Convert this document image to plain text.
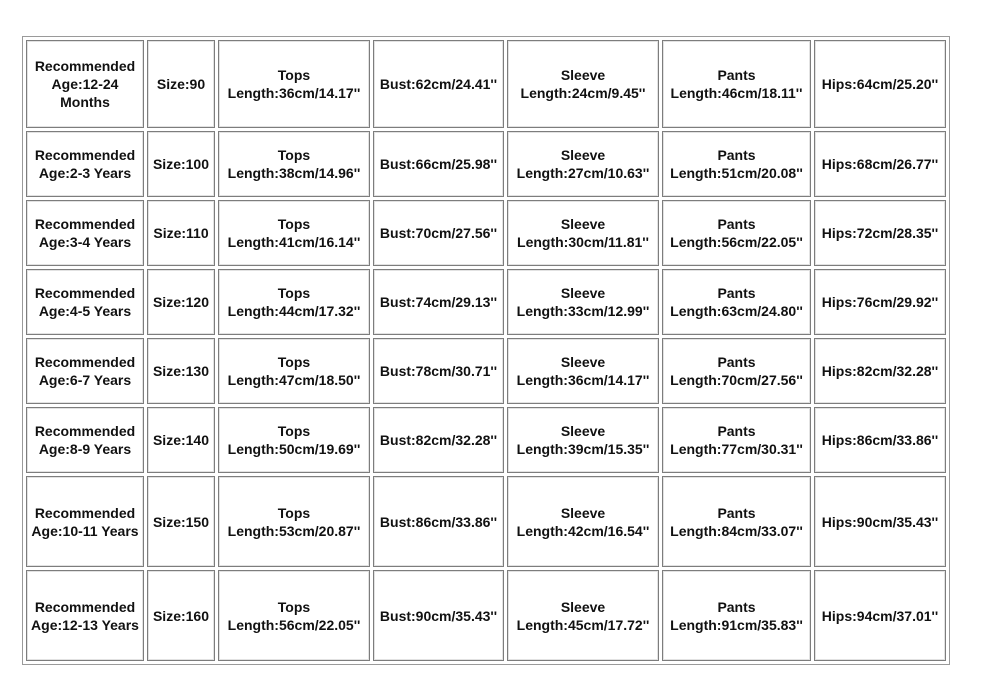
Recommended Age:12-24 Months	Size:90	Tops Length:36cm/14.17''	Bust:62cm/24.41''	Sleeve Length:24cm/9.45''	Pants Length:46cm/18.11''	Hips:64cm/25.20''
Recommended Age:2-3 Years	Size:100	Tops Length:38cm/14.96''	Bust:66cm/25.98''	Sleeve Length:27cm/10.63''	Pants Length:51cm/20.08''	Hips:68cm/26.77''
Recommended Age:3-4 Years	Size:110	Tops Length:41cm/16.14''	Bust:70cm/27.56''	Sleeve Length:30cm/11.81''	Pants Length:56cm/22.05''	Hips:72cm/28.35''
Recommended Age:4-5 Years	Size:120	Tops Length:44cm/17.32''	Bust:74cm/29.13''	Sleeve Length:33cm/12.99''	Pants Length:63cm/24.80''	Hips:76cm/29.92''
Recommended Age:6-7 Years	Size:130	Tops Length:47cm/18.50''	Bust:78cm/30.71''	Sleeve Length:36cm/14.17''	Pants Length:70cm/27.56''	Hips:82cm/32.28''
Recommended Age:8-9 Years	Size:140	Tops Length:50cm/19.69''	Bust:82cm/32.28''	Sleeve Length:39cm/15.35''	Pants Length:77cm/30.31''	Hips:86cm/33.86''
Recommended Age:10-11 Years	Size:150	Tops Length:53cm/20.87''	Bust:86cm/33.86''	Sleeve Length:42cm/16.54''	Pants Length:84cm/33.07''	Hips:90cm/35.43''
Recommended Age:12-13 Years	Size:160	Tops Length:56cm/22.05''	Bust:90cm/35.43''	Sleeve Length:45cm/17.72''	Pants Length:91cm/35.83''	Hips:94cm/37.01''
